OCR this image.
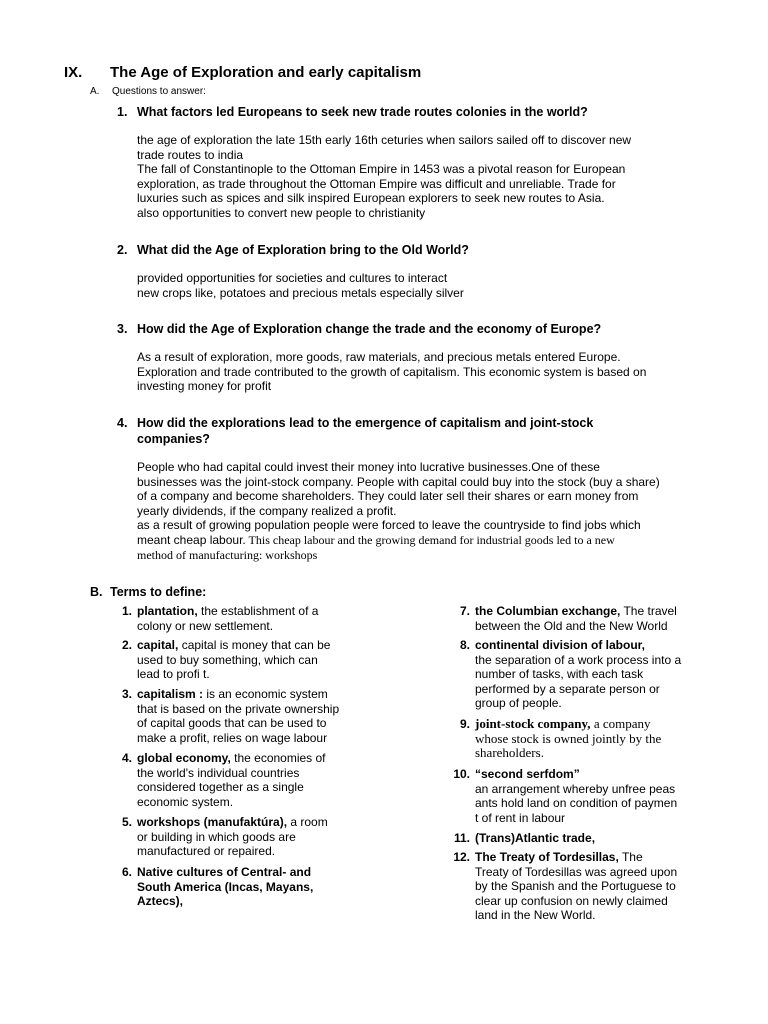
IX. The Age of Exploration and early capitalism
A. Questions to answer:
1. What factors led Europeans to seek new trade routes colonies in the world?
the age of exploration the late 15th early 16th ceturies when sailors sailed off to discover new
trade routes to india
The fall of Constantinople to the Ottoman Empire in 1453 was a pivotal reason for European
exploration, as trade throughout the Ottoman Empire was difficult and unreliable. Trade for
luxuries such as spices and silk inspired European explorers to seek new routes to Asia.
also opportunities to convert new people to christianity
2. What did the Age of Exploration bring to the Old World?
provided opportunities for societies and cultures to interact
new crops like, potatoes and precious metals especially silver
3. How did the Age of Exploration change the trade and the economy of Europe?
As a result of exploration, more goods, raw materials, and precious metals entered Europe.
Exploration and trade contributed to the growth of capitalism. This economic system is based on
investing money for profit
4. How did the explorations lead to the emergence of capitalism and joint-stock
companies?
People who had capital could invest their money into lucrative businesses.One of these
businesses was the joint-stock company. People with capital could buy into the stock (buy a share)
of a company and become shareholders. They could later sell their shares or earn money from
yearly dividends, if the company realized a profit.
as a result of growing population people were forced to leave the countryside to find jobs which
meant cheap labour. This cheap labour and the growing demand for industrial goods led to a new
method of manufacturing: workshops
B. Terms to define:
1. plantation, the establishment of a
colony or new settlement.
2. capital, capital is money that can be
used to buy something, which can
lead to profi t.
3. capitalism : is an economic system
that is based on the private ownership
of capital goods that can be used to
make a profit, relies on wage labour
4. global economy, the economies of
the world's individual countries
considered together as a single
economic system.
5. workshops (manufaktúra), a room
or building in which goods are
manufactured or repaired.
6. Native cultures of Central- and
South America (Incas, Mayans,
Aztecs),
7. the Columbian exchange, The travel
between the Old and the New World
8. continental division of labour,
the separation of a work process into a
number of tasks, with each task
performed by a separate person or
group of people.
9. joint-stock company, a company
whose stock is owned jointly by the
shareholders.
10. “second serfdom”
an arrangement whereby unfree peas
ants hold land on condition of paymen
t of rent in labour
11. (Trans)Atlantic trade,
12. The Treaty of Tordesillas, The
Treaty of Tordesillas was agreed upon
by the Spanish and the Portuguese to
clear up confusion on newly claimed
land in the New World.
